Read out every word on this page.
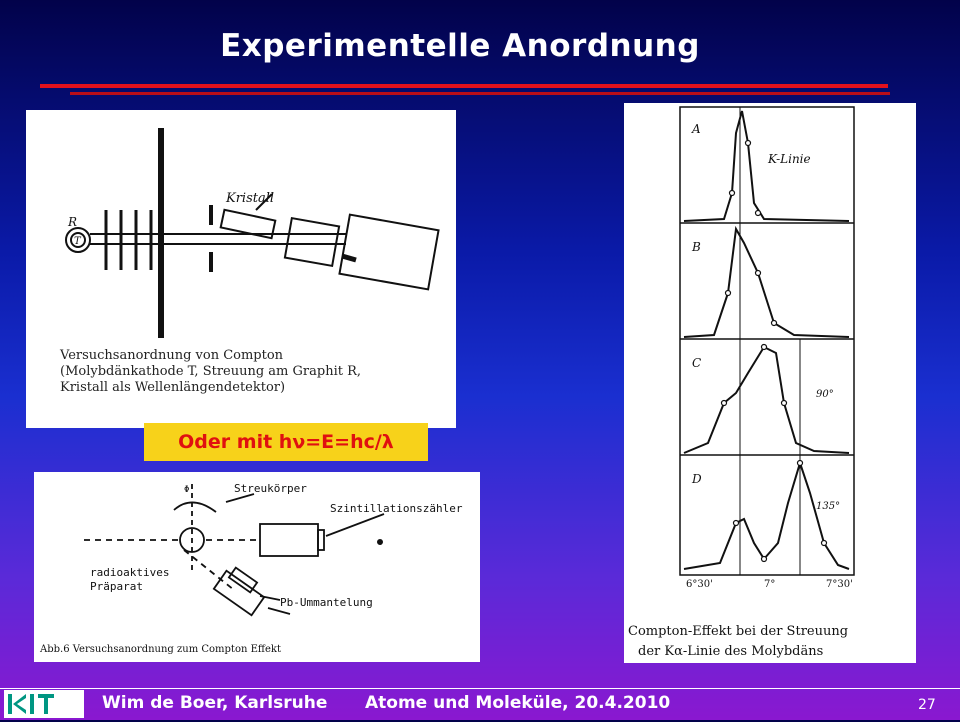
Experimentelle Anordnung
Kristall
R
T
Versuchsanordnung von Compton
(Molybdänkathode T, Streuung am Graphit R,
Kristall als Wellenlängendetektor)
Oder mit hν=E=hc/λ
Φ	Streukörper
Szintillationszähler
radioaktives
Präparat
Pb-Ummantelung
Abb.6 Versuchsanordnung zum Compton Effekt
A
B
C
D
K-Linie
90°
135°
6°30'	7°	7°30'
Compton-Effekt bei der Streuung
der Kα-Linie des Molybdäns
Wim de Boer, Karlsruhe Atome und Moleküle, 20.4.2010	27
